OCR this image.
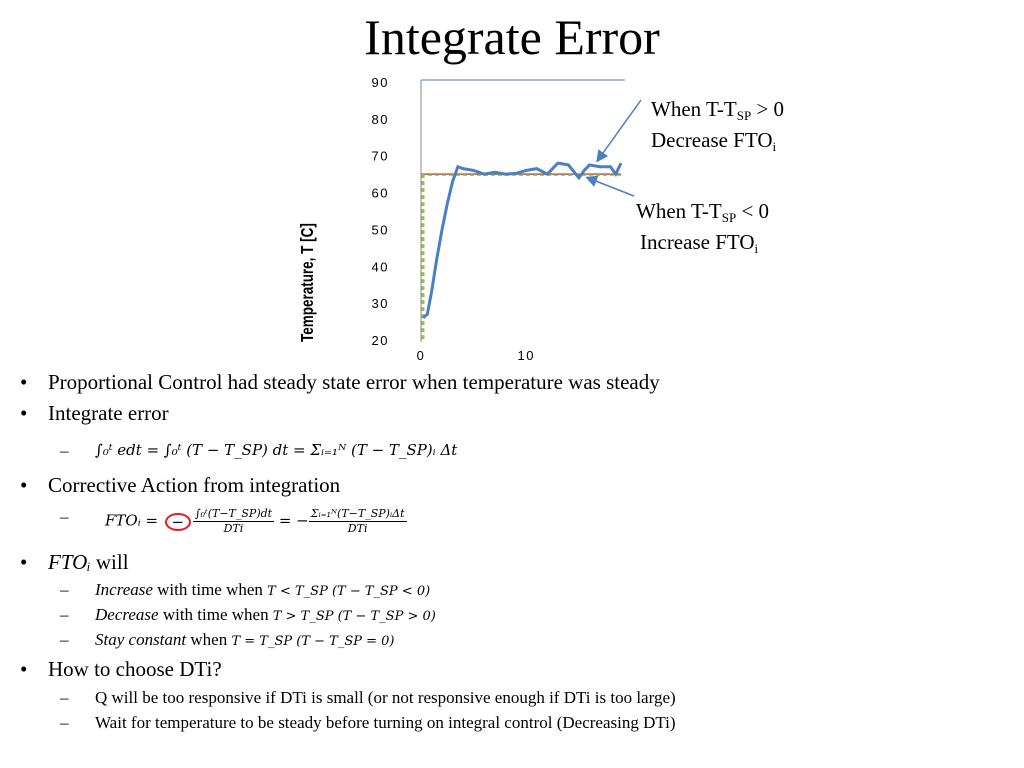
Integrate Error
Temperature, T [C]	20
30
40
50
60
70
80
90
0	10
When $T-T_{SP} > 0$
Decrease $FTO_i$
When $T-T_{SP} < 0$
Increase $FTO_i$
• Proportional Control had steady state error when temperature was steady
• Integrate error
– ∫₀ᵗ edt = ∫₀ᵗ (T − T_SP) dt = Σᵢ₌₁ᴺ (T − T_SP)ᵢ Δt
• Corrective Action from integration
– FTOᵢ = − $\frac{\text{∫₀ᵗ(T−T\_SP)dt}}{\text{DTi}}$ = − $\frac{\text{Σᵢ₌₁ᴺ(T−T\_SP)ᵢΔt}}{\text{DTi}}$
• FTOᵢ will
– Increase with time when T < T_SP (T − T_SP < 0)
– Decrease with time when T > T_SP (T − T_SP > 0)
– Stay constant when T = T_SP (T − T_SP = 0)
• How to choose DTi?
– Q will be too responsive if DTi is small (or not responsive enough if DTi is too large)
– Wait for temperature to be steady before turning on integral control (Decreasing DTi)
